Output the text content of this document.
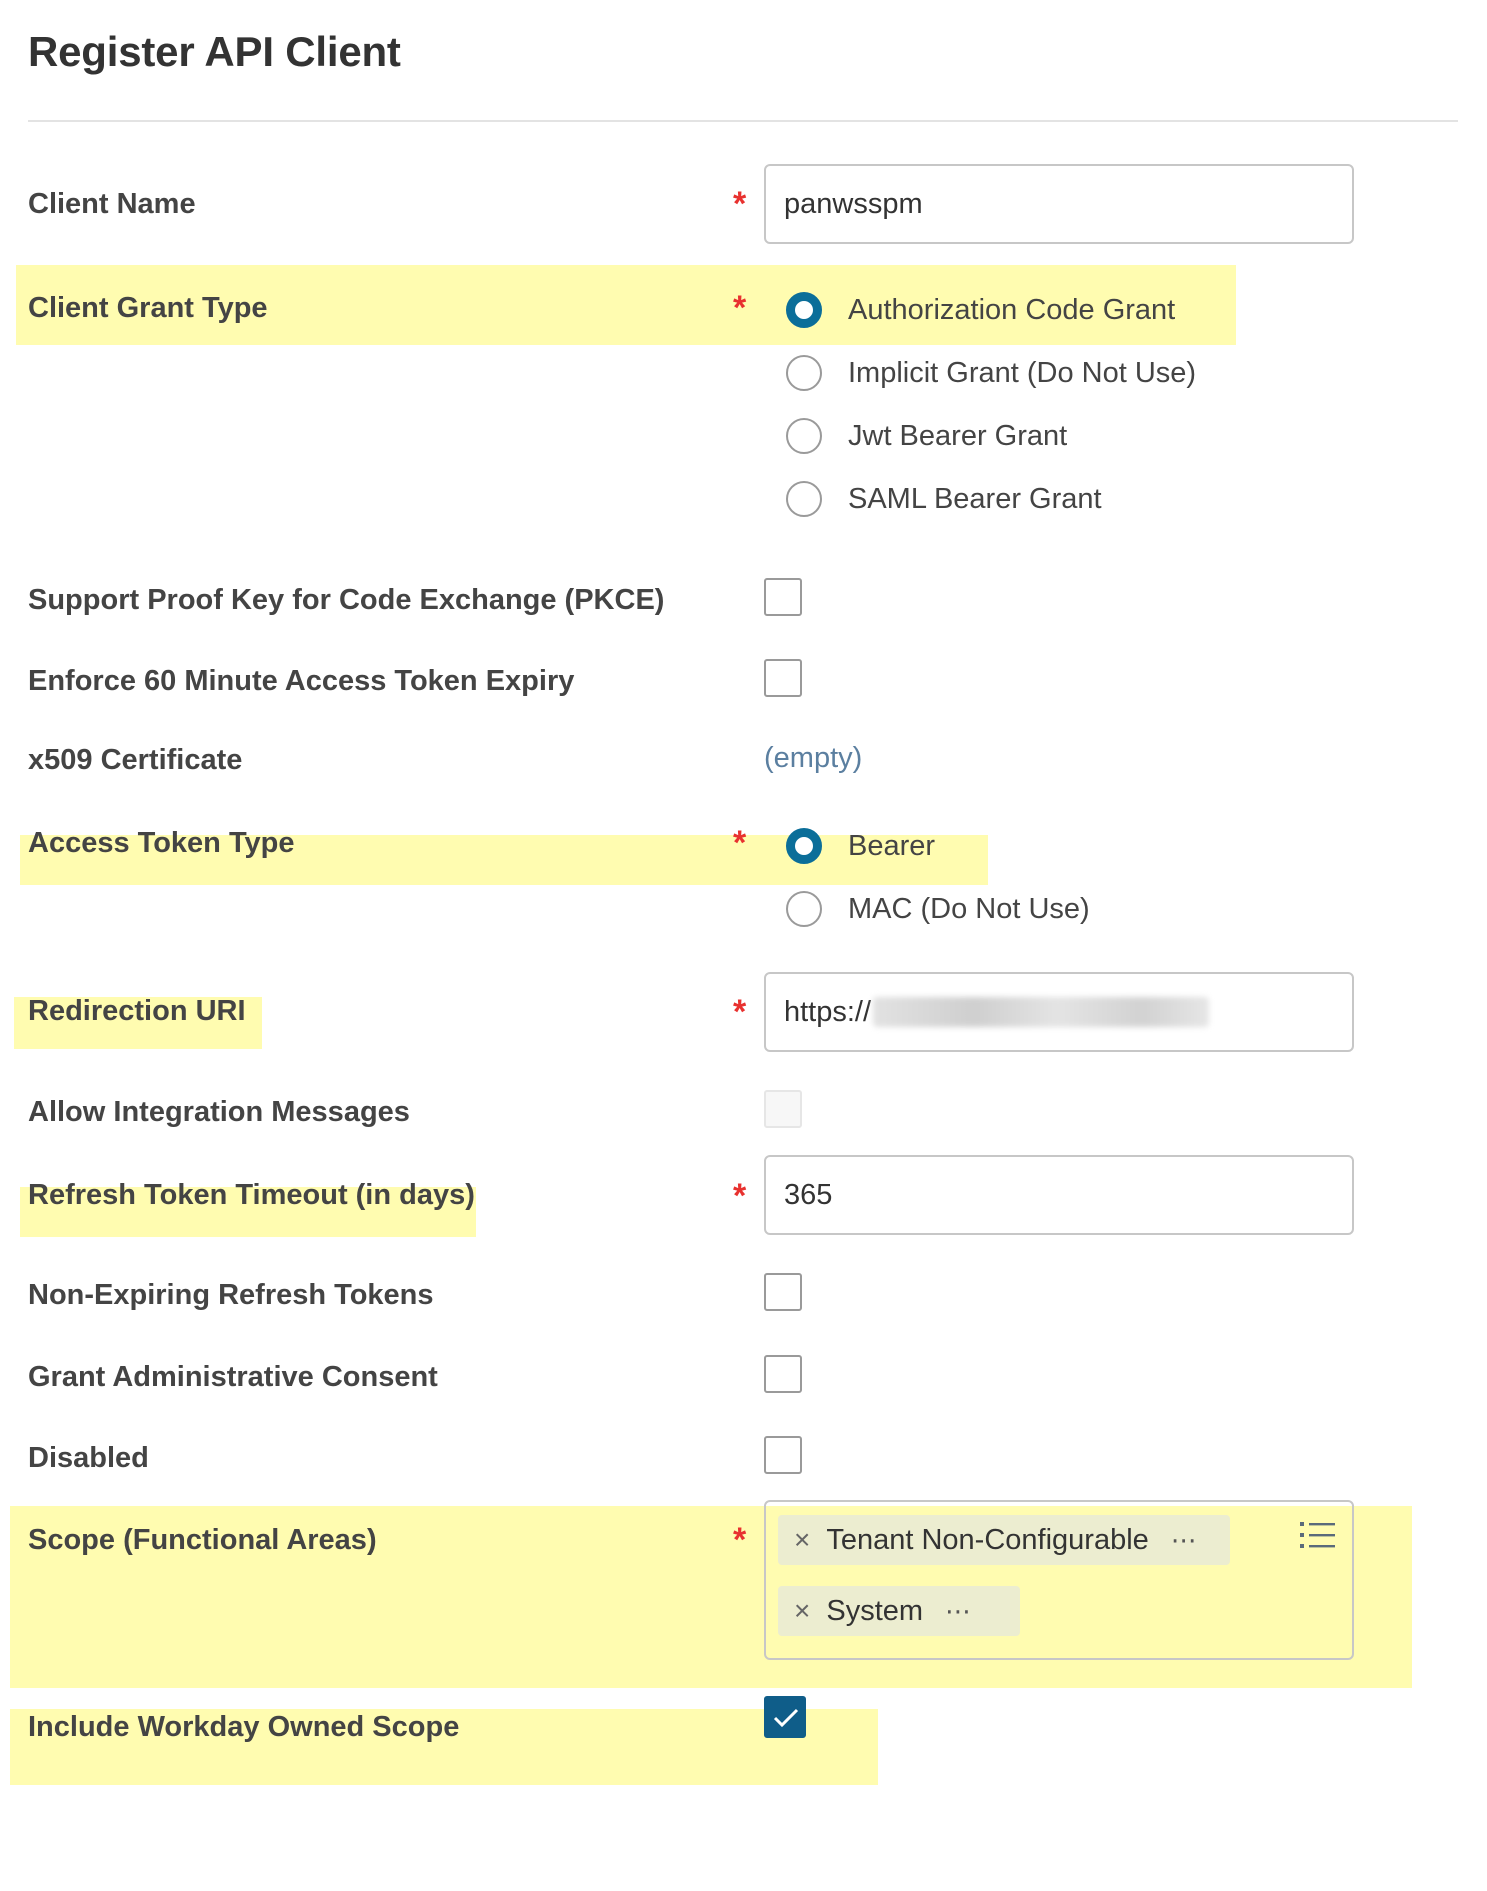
Register API Client
Client Name	* panwsspm
Client Grant Type	*	Authorization Code Grant
Implicit Grant (Do Not Use)
Jwt Bearer Grant
SAML Bearer Grant
Support Proof Key for Code Exchange (PKCE)
Enforce 60 Minute Access Token Expiry
x509 Certificate	(empty)
Access Token Type	*	Bearer
MAC (Do Not Use)
Redirection URI	* https://
Allow Integration Messages
Refresh Token Timeout (in days)	* 365
Non-Expiring Refresh Tokens
Grant Administrative Consent
Disabled
Scope (Functional Areas)	* × Tenant Non-Configurable ⋯
× System ⋯
Include Workday Owned Scope
